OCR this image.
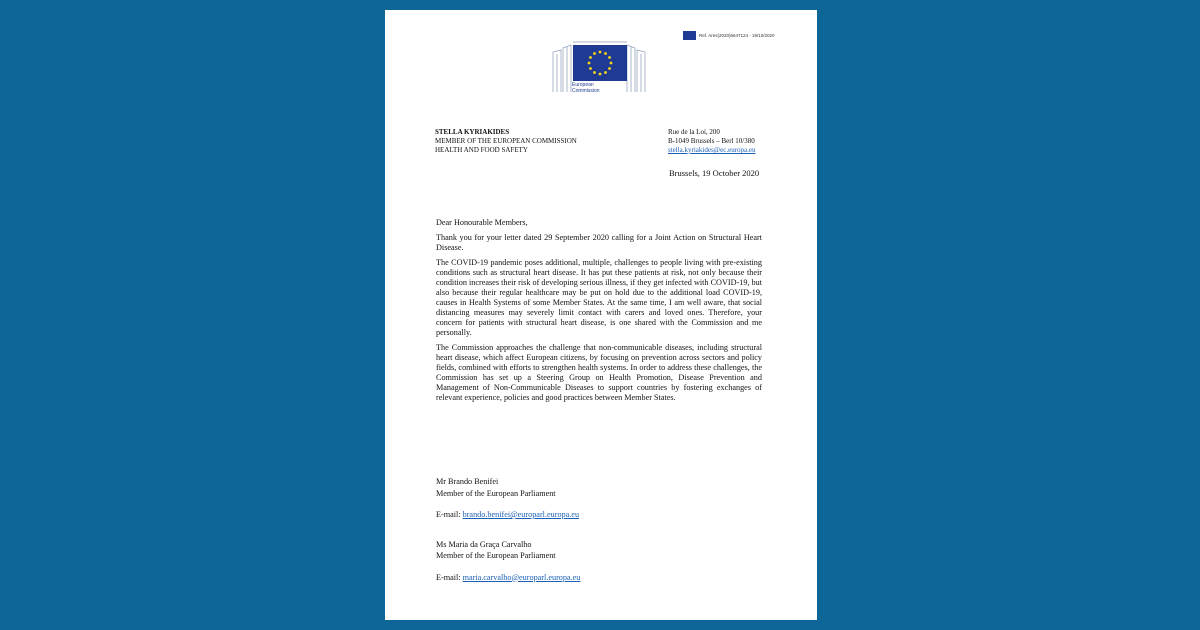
Ref. Ares(2020)6647124 - 19/10/2020
European
Commission
STELLA KYRIAKIDES
MEMBER OF THE EUROPEAN COMMISSION
HEALTH AND FOOD SAFETY
Rue de la Loi, 200
B-1049 Brussels – Berl 10/380
stella.kyriakides@ec.europa.eu
Brussels, 19 October 2020

Dear Honourable Members,

Thank you for your letter dated 29 September 2020 calling for a Joint Action on Structural Heart Disease.

The COVID-19 pandemic poses additional, multiple, challenges to people living with pre-existing conditions such as structural heart disease. It has put these patients at risk, not only because their condition increases their risk of developing serious illness, if they get infected with COVID-19, but also because their regular healthcare may be put on hold due to the additional load COVID-19, causes in Health Systems of some Member States. At the same time, I am well aware, that social distancing measures may severely limit contact with carers and loved ones. Therefore, your concern for patients with structural heart disease, is one shared with the Commission and me personally.

The Commission approaches the challenge that non-communicable diseases, including structural heart disease, which affect European citizens, by focusing on prevention across sectors and policy fields, combined with efforts to strengthen health systems. In order to address these challenges, the Commission has set up a Steering Group on Health Promotion, Disease Prevention and Management of Non-Communicable Diseases to support countries by fostering exchanges of relevant experience, policies and good practices between Member States.

Mr Brando Benifei
Member of the European Parliament
E-mail: brando.benifei@europarl.europa.eu
Ms Maria da Graça Carvalho
Member of the European Parliament
E-mail: maria.carvalho@europarl.europa.eu
